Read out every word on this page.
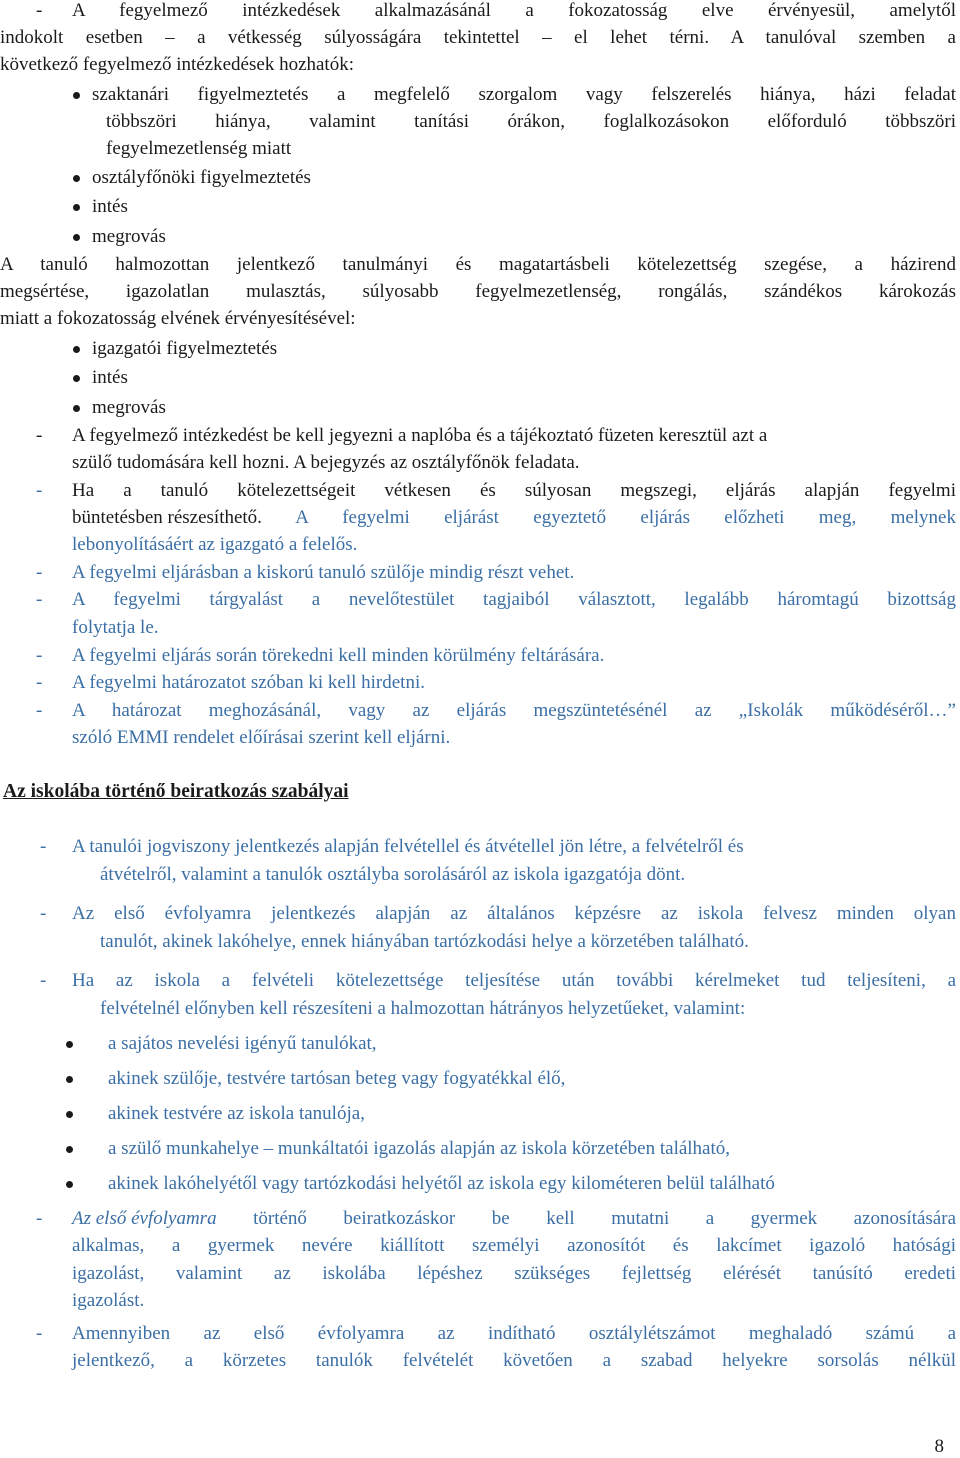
- A fegyelmező intézkedések alkalmazásánál a fokozatosság elve érvényesül, amelytől
indokolt esetben – a vétkesség súlyosságára tekintettel – el lehet térni. A tanulóval szemben a
következő fegyelmező intézkedések hozhatók:
szaktanári figyelmeztetés a megfelelő szorgalom vagy felszerelés hiánya, házi feladat
többszöri hiánya, valamint tanítási órákon, foglalkozásokon előforduló többszöri
fegyelmezetlenség miatt
osztályfőnöki figyelmeztetés
intés
megrovás
A tanuló halmozottan jelentkező tanulmányi és magatartásbeli kötelezettség szegése, a házirend
megsértése, igazolatlan mulasztás, súlyosabb fegyelmezetlenség, rongálás, szándékos károkozás
miatt a fokozatosság elvének érvényesítésével:
igazgatói figyelmeztetés
intés
megrovás
- A fegyelmező intézkedést be kell jegyezni a naplóba és a tájékoztató füzeten keresztül azt a
szülő tudomására kell hozni. A bejegyzés az osztályfőnök feladata.
- Ha a tanuló kötelezettségeit vétkesen és súlyosan megszegi, eljárás alapján fegyelmi
büntetésben részesíthető. A fegyelmi eljárást egyeztető eljárás előzheti meg, melynek
lebonyolításáért az igazgató a felelős.
- A fegyelmi eljárásban a kiskorú tanuló szülője mindig részt vehet.
- A fegyelmi tárgyalást a nevelőtestület tagjaiból választott, legalább háromtagú bizottság
folytatja le.
- A fegyelmi eljárás során törekedni kell minden körülmény feltárására.
- A fegyelmi határozatot szóban ki kell hirdetni.
- A határozat meghozásánál, vagy az eljárás megszüntetésénél az „Iskolák működéséről…”
szóló EMMI rendelet előírásai szerint kell eljárni.
Az iskolába történő beiratkozás szabályai
- A tanulói jogviszony jelentkezés alapján felvétellel és átvétellel jön létre, a felvételről és
átvételről, valamint a tanulók osztályba sorolásáról az iskola igazgatója dönt.
- Az első évfolyamra jelentkezés alapján az általános képzésre az iskola felvesz minden olyan
tanulót, akinek lakóhelye, ennek hiányában tartózkodási helye a körzetében található.
- Ha az iskola a felvételi kötelezettsége teljesítése után további kérelmeket tud teljesíteni, a
felvételnél előnyben kell részesíteni a halmozottan hátrányos helyzetűeket, valamint:
a sajátos nevelési igényű tanulókat,
akinek szülője, testvére tartósan beteg vagy fogyatékkal élő,
akinek testvére az iskola tanulója,
a szülő munkahelye – munkáltatói igazolás alapján az iskola körzetében található,
akinek lakóhelyétől vagy tartózkodási helyétől az iskola egy kilométeren belül található
- Az első évfolyamra történő beiratkozáskor be kell mutatni a gyermek azonosítására
alkalmas, a gyermek nevére kiállított személyi azonosítót és lakcímet igazoló hatósági
igazolást, valamint az iskolába lépéshez szükséges fejlettség elérését tanúsító eredeti
igazolást.
- Amennyiben az első évfolyamra az indítható osztálylétszámot meghaladó számú a
jelentkező, a körzetes tanulók felvételét követően a szabad helyekre sorsolás nélkül
8
